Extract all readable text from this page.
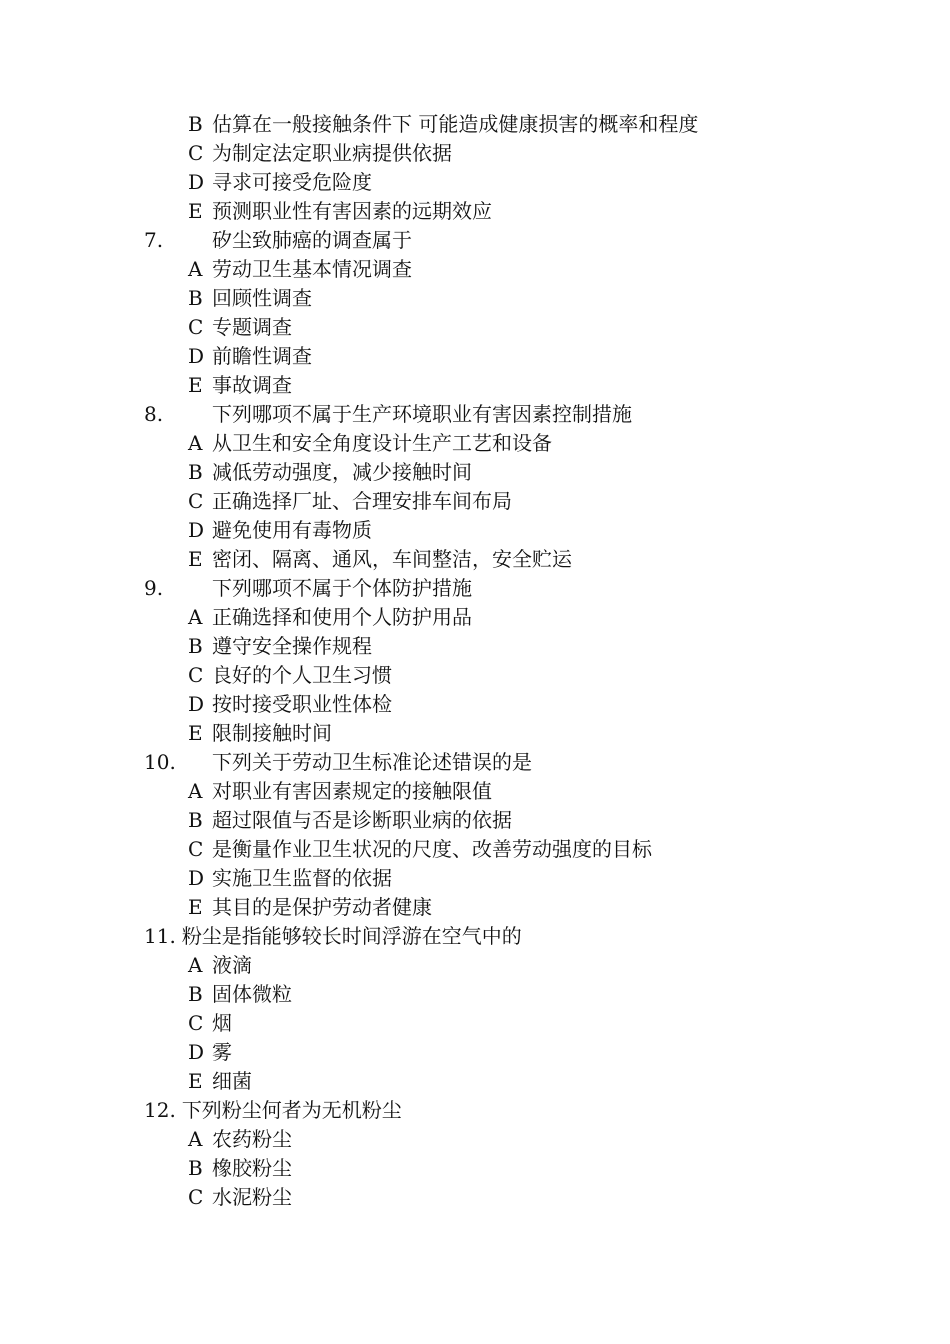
B 估算在一般接触条件下 可能造成健康损害的概率和程度
C 为制定法定职业病提供依据
D 寻求可接受危险度
E 预测职业性有害因素的远期效应
7. 矽尘致肺癌的调查属于
A 劳动卫生基本情况调查
B 回顾性调查
C 专题调查
D 前瞻性调查
E 事故调查
8. 下列哪项不属于生产环境职业有害因素控制措施
A 从卫生和安全角度设计生产工艺和设备
B 减低劳动强度，减少接触时间
C 正确选择厂址、合理安排车间布局
D 避免使用有毒物质
E 密闭、隔离、通风，车间整洁，安全贮运
9. 下列哪项不属于个体防护措施
A 正确选择和使用个人防护用品
B 遵守安全操作规程
C 良好的个人卫生习惯
D 按时接受职业性体检
E 限制接触时间
10. 下列关于劳动卫生标准论述错误的是
A 对职业有害因素规定的接触限值
B 超过限值与否是诊断职业病的依据
C 是衡量作业卫生状况的尺度、改善劳动强度的目标
D 实施卫生监督的依据
E 其目的是保护劳动者健康
11. 粉尘是指能够较长时间浮游在空气中的
A 液滴
B 固体微粒
C 烟
D 雾
E 细菌
12. 下列粉尘何者为无机粉尘
A 农药粉尘
B 橡胶粉尘
C 水泥粉尘
